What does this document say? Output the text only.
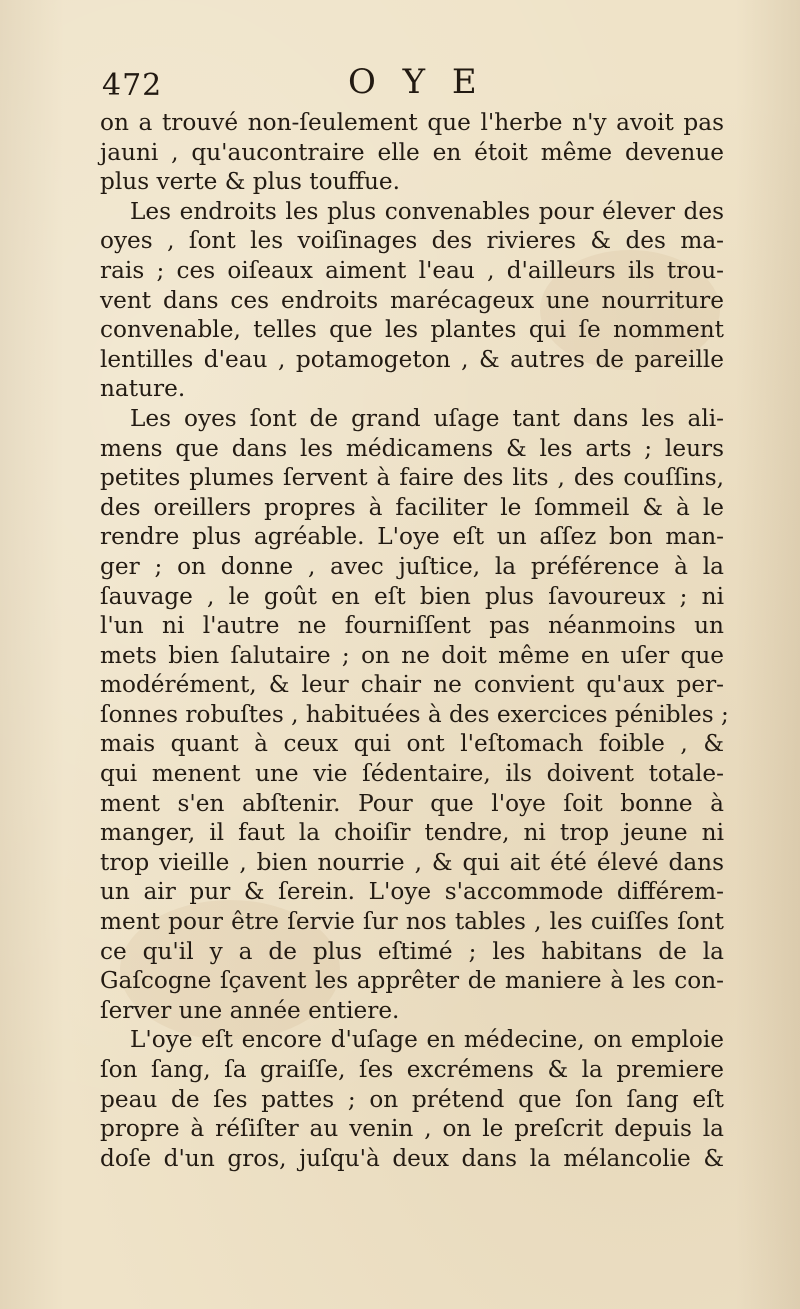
472	O Y E
on a trouvé non-ſeulement que l'herbe n'y avoit pas
jauni , qu'aucontraire elle en étoit même devenue
plus verte & plus touffue.
Les endroits les plus convenables pour élever des
oyes , ſont les voiſinages des rivieres & des ma-
rais ; ces oiſeaux aiment l'eau , d'ailleurs ils trou-
vent dans ces endroits marécageux une nourriture
convenable, telles que les plantes qui ſe nomment
lentilles d'eau , potamogeton , & autres de pareille
nature.
Les oyes ſont de grand uſage tant dans les ali-
mens que dans les médicamens & les arts ; leurs
petites plumes ſervent à faire des lits , des couſſins,
des oreillers propres à faciliter le ſommeil & à le
rendre plus agréable. L'oye eſt un aſſez bon man-
ger ; on donne , avec juſtice, la préférence à la
ſauvage , le goût en eſt bien plus ſavoureux ; ni
l'un ni l'autre ne fourniſſent pas néanmoins un
mets bien ſalutaire ; on ne doit même en uſer que
modérément, & leur chair ne convient qu'aux per-
ſonnes robuſtes , habituées à des exercices pénibles ;
mais quant à ceux qui ont l'eſtomach foible , &
qui menent une vie ſédentaire, ils doivent totale-
ment s'en abſtenir. Pour que l'oye ſoit bonne à
manger, il faut la choiſir tendre, ni trop jeune ni
trop vieille , bien nourrie , & qui ait été élevé dans
un air pur & ſerein. L'oye s'accommode différem-
ment pour être ſervie ſur nos tables , les cuiſſes ſont
ce qu'il y a de plus eſtimé ; les habitans de la
Gaſcogne ſçavent les apprêter de maniere à les con-
ſerver une année entiere.
L'oye eſt encore d'uſage en médecine, on emploie
ſon ſang, ſa graiſſe, ſes excrémens & la premiere
peau de ſes pattes ; on prétend que ſon ſang eſt
propre à réſiſter au venin , on le preſcrit depuis la
doſe d'un gros, juſqu'à deux dans la mélancolie &
